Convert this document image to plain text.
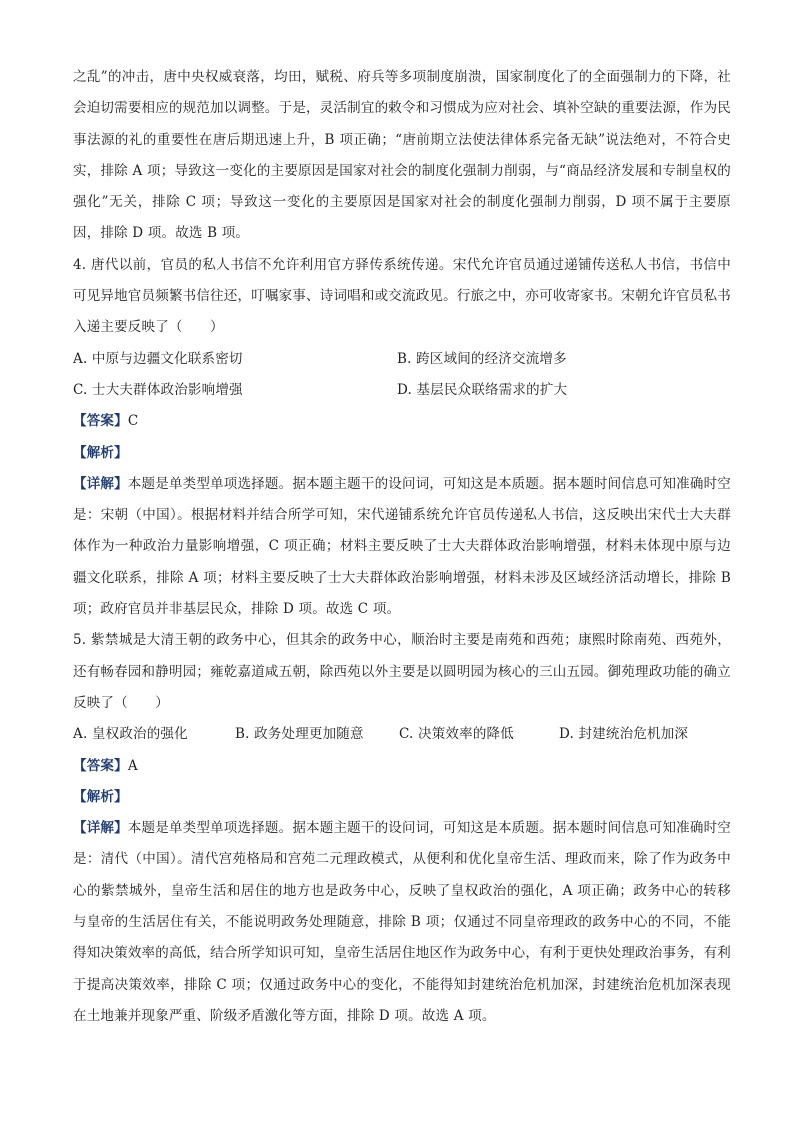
之乱”的冲击，唐中央权威衰落，均田，赋税、府兵等多项制度崩溃，国家制度化了的全面强制力的下降，社会迫切需要相应的规范加以调整。于是，灵活制宜的敕令和习惯成为应对社会、填补空缺的重要法源，作为民事法源的礼的重要性在唐后期迅速上升，B 项正确；“唐前期立法使法律体系完备无缺”说法绝对，不符合史实，排除 A 项；导致这一变化的主要原因是国家对社会的制度化强制力削弱，与“商品经济发展和专制皇权的强化”无关，排除 C 项；导致这一变化的主要原因是国家对社会的制度化强制力削弱，D 项不属于主要原因，排除 D 项。故选 B 项。

4. 唐代以前，官员的私人书信不允许利用官方驿传系统传递。宋代允许官员通过递铺传送私人书信，书信中可见异地官员频繁书信往还，叮嘱家事、诗词唱和或交流政见。行旅之中，亦可收寄家书。宋朝允许官员私书入递主要反映了（　　）

A. 中原与边疆文化联系密切	B. 跨区域间的经济交流增多
C. 士大夫群体政治影响增强	D. 基层民众联络需求的扩大

【答案】C

【解析】

【详解】本题是单类型单项选择题。据本题主题干的设问词，可知这是本质题。据本题时间信息可知准确时空是：宋朝（中国）。根据材料并结合所学可知，宋代递铺系统允许官员传递私人书信，这反映出宋代士大夫群体作为一种政治力量影响增强，C 项正确；材料主要反映了士大夫群体政治影响增强，材料未体现中原与边疆文化联系，排除 A 项；材料主要反映了士大夫群体政治影响增强，材料未涉及区域经济活动增长，排除 B 项；政府官员并非基层民众，排除 D 项。故选 C 项。

5. 紫禁城是大清王朝的政务中心，但其余的政务中心，顺治时主要是南苑和西苑；康熙时除南苑、西苑外，还有畅春园和静明园；雍乾嘉道咸五朝，除西苑以外主要是以圆明园为核心的三山五园。御苑理政功能的确立反映了（　　）

A. 皇权政治的强化	B. 政务处理更加随意	C. 决策效率的降低	D. 封建统治危机加深

【答案】A

【解析】

【详解】本题是单类型单项选择题。据本题主题干的设问词，可知这是本质题。据本题时间信息可知准确时空是：清代（中国）。清代宫苑格局和宫苑二元理政模式，从便利和优化皇帝生活、理政而来，除了作为政务中心的紫禁城外，皇帝生活和居住的地方也是政务中心，反映了皇权政治的强化，A 项正确；政务中心的转移与皇帝的生活居住有关，不能说明政务处理随意，排除 B 项；仅通过不同皇帝理政的政务中心的不同，不能得知决策效率的高低，结合所学知识可知，皇帝生活居住地区作为政务中心，有利于更快处理政治事务，有利于提高决策效率，排除 C 项；仅通过政务中心的变化，不能得知封建统治危机加深，封建统治危机加深表现在土地兼并现象严重、阶级矛盾激化等方面，排除 D 项。故选 A 项。
